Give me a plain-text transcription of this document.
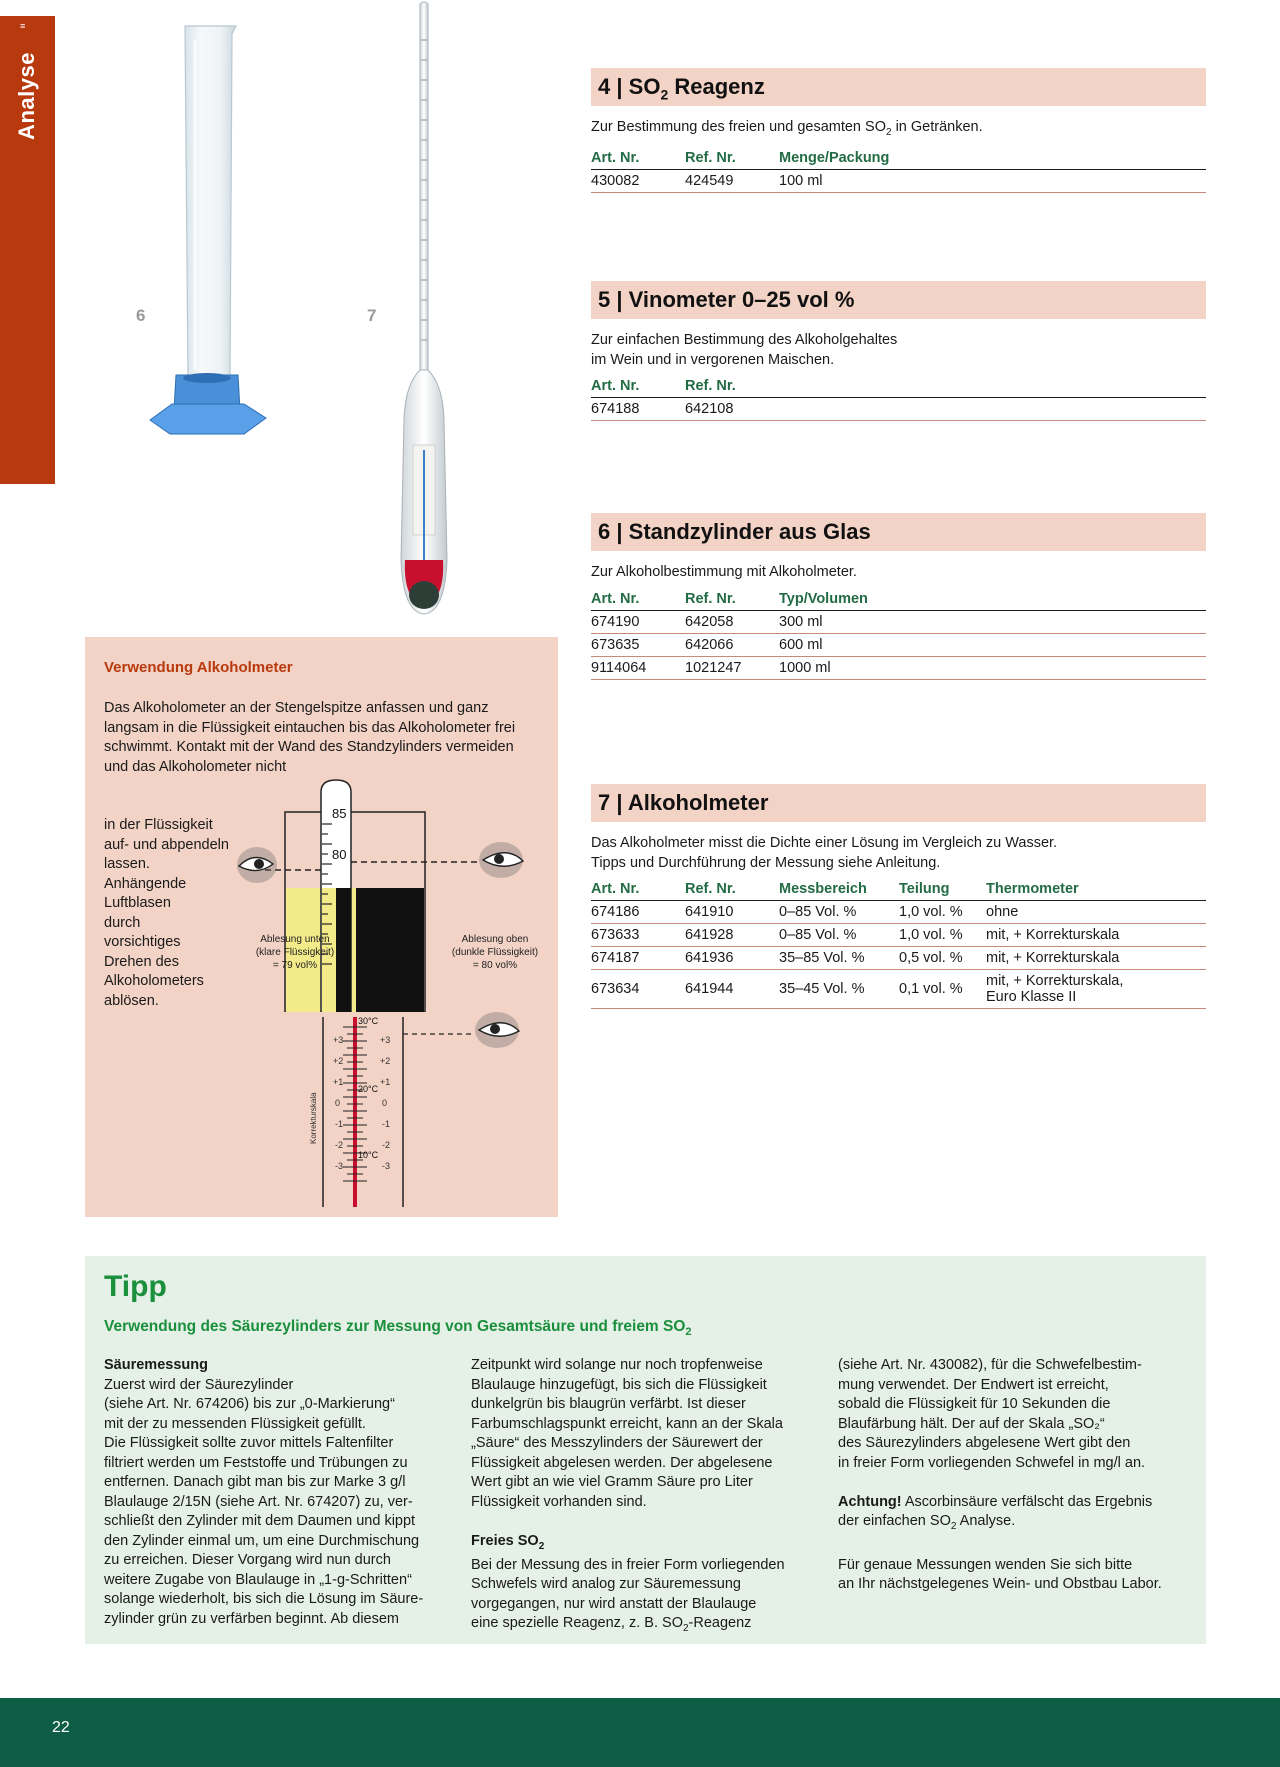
≡
Analyse
6	7
4 | $SO_2$ Reagenz
Zur Bestimmung des freien und gesamten $SO_2$ in Getränken.
Art. Nr.	Ref. Nr.	Menge/Packung
430082	424549	100 ml
5 | Vinometer 0–25 vol %
Zur einfachen Bestimmung des Alkoholgehaltes
im Wein und in vergorenen Maischen.
Art. Nr.	Ref. Nr.
674188	642108
6 | Standzylinder aus Glas
Zur Alkoholbestimmung mit Alkoholmeter.
Art. Nr.	Ref. Nr.	Typ/Volumen
674190	642058	300 ml
673635	642066	600 ml
9114064	1021247	1000 ml
7 | Alkoholmeter
Das Alkoholmeter misst die Dichte einer Lösung im Vergleich zu Wasser.
Tipps und Durchführung der Messung siehe Anleitung.
Art. Nr.	Ref. Nr.	Messbereich	Teilung	Thermometer
674186	641910	0–85 Vol. %	1,0 vol. %	ohne
673633	641928	0–85 Vol. %	1,0 vol. %	mit, + Korrekturskala
674187	641936	35–85 Vol. %	0,5 vol. %	mit, + Korrekturskala
673634	641944	35–45 Vol. %	0,1 vol. %	mit, + Korrekturskala,
Euro Klasse II
Verwendung Alkoholmeter
Das Alkoholometer an der Stengelspitze anfassen und ganz
langsam in die Flüssigkeit eintauchen bis das Alkoholometer frei
schwimmt. Kontakt mit der Wand des Standzylinders vermeiden
und das Alkoholometer nicht
in der Flüssigkeit
auf- und abpendeln
lassen.
Anhängende
Luftblasen
durch
vorsichtiges
Drehen des
Alkoholometers
ablösen.
85
80
Ablesung unten
(klare Flüssigkeit)
= 79 vol%
Ablesung oben
(dunkle Flüssigkeit)
= 80 vol%
30°C
20°C
10°C
+3
+2
+1
0
-1
-2
-3
+3
+2
+1
0
-1
-2
-3
Korrekturskala
Tipp
Verwendung des Säurezylinders zur Messung von Gesamtsäure und freiem $SO_2$

Säuremessung

Zuerst wird der Säurezylinder

(siehe Art. Nr. 674206) bis zur „0-Markierung“

mit der zu messenden Flüssigkeit gefüllt.

Die Flüssigkeit sollte zuvor mittels Faltenfilter

filtriert werden um Feststoffe und Trübungen zu

entfernen. Danach gibt man bis zur Marke 3 g/l

Blaulauge 2/15N (siehe Art. Nr. 674207) zu, ver-

schließt den Zylinder mit dem Daumen und kippt

den Zylinder einmal um, um eine Durchmischung

zu erreichen. Dieser Vorgang wird nun durch

weitere Zugabe von Blaulauge in „1-g-Schritten“

solange wiederholt, bis sich die Lösung im Säure-

zylinder grün zu verfärben beginnt. Ab diesem

Zeitpunkt wird solange nur noch tropfenweise

Blaulauge hinzugefügt, bis sich die Flüssigkeit

dunkelgrün bis blaugrün verfärbt. Ist dieser

Farbumschlagspunkt erreicht, kann an der Skala

„Säure“ des Messzylinders der Säurewert der

Flüssigkeit abgelesen werden. Der abgelesene

Wert gibt an wie viel Gramm Säure pro Liter

Flüssigkeit vorhanden sind.

Freies $SO_2$

Bei der Messung des in freier Form vorliegenden

Schwefels wird analog zur Säuremessung

vorgegangen, nur wird anstatt der Blaulauge

eine spezielle Reagenz, z. B. $SO_2$-Reagenz

(siehe Art. Nr. 430082), für die Schwefelbestim-

mung verwendet. Der Endwert ist erreicht,

sobald die Flüssigkeit für 10 Sekunden die

Blaufärbung hält. Der auf der Skala „SO₂“

des Säurezylinders abgelesene Wert gibt den

in freier Form vorliegenden Schwefel in mg/l an.

Achtung! Ascorbinsäure verfälscht das Ergebnis

der einfachen $SO_2$ Analyse.

Für genaue Messungen wenden Sie sich bitte

an Ihr nächstgelegenes Wein- und Obstbau Labor.

22
